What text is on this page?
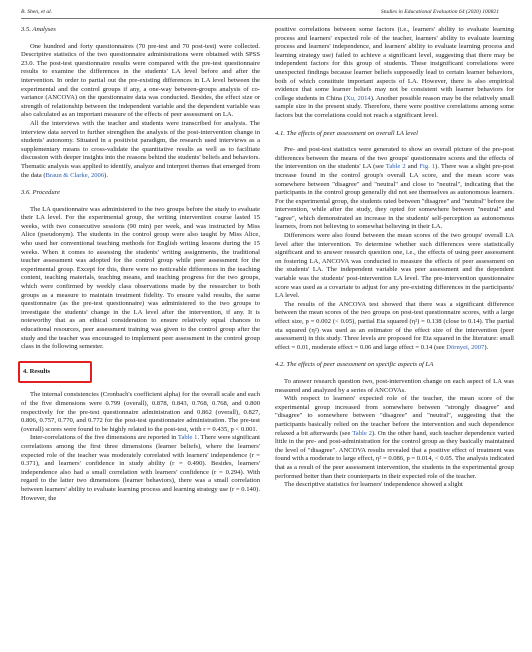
B. Shen, et al.	Studies in Educational Evaluation 64 (2020) 100821
3.5. Analyses

One hundred and forty questionnaires (70 pre-test and 70 post-test) were collected. Descriptive statistics of the two questionnaire administrations were obtained with SPSS 23.0. The post-test questionnaire results were compared with the pre-test questionnaire results to examine the differences in the students' LA level before and after the intervention. In order to partial out the pre-existing differences in LA level between the experimental and the control groups if any, a one-way between-groups analysis of co-variance (ANCOVA) on the questionnaire data was conducted. Besides, the effect size or strength of relationship between the independent variable and the dependent variable was also calculated as an important measure of the effects of peer assessment on LA.

All the interviews with the teacher and students were transcribed for analysis. The interview data served to further strengthen the analysis of the post-intervention change in students' autonomy. Situated in a positivist paradigm, the research used interviews as a supplementary means to cross-validate the quantitative results as well as to facilitate discussion with deeper insights into the reasons behind the students' beliefs and behaviors. Thematic analysis was applied to identify, analyze and interpret themes that emerged from the data (Braun & Clarke, 2006).

3.6. Procedure

The LA questionnaire was administered to the two groups before the study to evaluate their LA level. For the experimental group, the writing intervention course lasted 15 weeks, with two consecutive sessions (90 min) per week, and was instructed by Miss Alice (pseudonym). The students in the control group were also taught by Miss Alice, who used her conventional teaching methods for English writing lessons during the 15 weeks. When it comes to assessing the students' writing assignments, the traditional teacher assessment was adopted for the control group while peer assessment for the experimental group. Except for this, there were no noticeable differences in the teaching content, teaching materials, teaching means, and teaching progress for the two groups, which were confirmed by weekly class observations made by the researcher to both groups as a measure to maintain treatment fidelity. To ensure valid results, the same questionnaire (as the pre-test questionnaire) was administered to the two groups to investigate the students' change in the LA level after the intervention, if any. It is noteworthy that as an ethical consideration to ensure relatively equal chances to educational resources, peer assessment training was given to the control group after the study and the teacher was encouraged to implement peer assessment in the control group class in the following semester.

4. Results

The internal consistencies (Cronbach's coefficient alpha) for the overall scale and each of the five dimensions were 0.799 (overall), 0.878, 0.843, 0.768, 0.768, and 0.800 respectively for the pre-test questionnaire administration and 0.862 (overall), 0.827, 0.806, 0.757, 0.770, and 0.772 for the post-test questionnaire administration. The pre-test (overall) scores were found to be highly related to the post-test, with r = 0.435, p < 0.001.

Inter-correlations of the five dimensions are reported in Table 1. There were significant correlations among the first three dimensions (learner beliefs), where the learners' expected role of the teacher was moderately correlated with learners' independence (r = 0.371), and learners' confidence in study ability (r = 0.490). Besides, learners' independence also had a small correlation with learners' confidence (r = 0.294). With regard to the latter two dimensions (learner behaviors), there was a small correlation between learners' ability to evaluate learning process and learning strategy use (r = 0.140). However, the

positive correlations between some factors (i.e., learners' ability to evaluate learning process and learners' expected role of the teacher, learners' ability to evaluate learning process and learners' independence, and learners' ability to evaluate learning process and learning strategy use) failed to achieve a significant level, suggesting that there may be independent factors for this group of students. These insignificant correlations were unexpected findings because learner beliefs supposedly lead to certain learner behaviors, both of which constitute important aspects of LA. However, there is also empirical evidence that some learner beliefs may not be consistent with learner behaviors for college students in China (Xu, 2014). Another possible reason may be the relatively small sample size in the present study. Therefore, there were positive correlations among some factors but the correlations could not reach a significant level.

4.1. The effects of peer assessment on overall LA level

Pre- and post-test statistics were generated to show an overall picture of the pre-post differences between the means of the two groups' questionnaire scores and the effects of the intervention on the students' LA (see Table 2 and Fig. 1). There was a slight pre-post increase found in the control group's overall LA score, and the mean score was somewhere between "disagree" and "neutral" and close to "neutral", indicating that the participants in the control group generally did not see themselves as autonomous learners. For the experimental group, the students rated between "disagree" and "neutral" before the intervention, while after the study, they opted for somewhere between "neutral" and "agree", which demonstrated an increase in the students' self-perception as autonomous learners, from not believing to somewhat believing in their LA.

Differences were also found between the mean scores of the two groups' overall LA level after the intervention. To determine whether such differences were statistically significant and to answer research question one, i.e., the effects of using peer assessment on fostering LA, ANCOVA was conducted to measure the effects of peer assessment on the students' LA. The independent variable was peer assessment and the dependent variable was the students' post-intervention LA level. The pre-intervention questionnaire score was used as a covariate to adjust for any pre-existing differences in the participants' LA level.

The results of the ANCOVA test showed that there was a significant difference between the mean scores of the two groups on post-test questionnaire scores, with a large effect size, p = 0.002 (< 0.05), partial Eta squared (η²) = 0.138 (close to 0.14). The partial eta squared (η²) was used as an estimator of the effect size of the intervention (peer assessment) in this study. Three levels are proposed for Eta squared in the literature: small effect = 0.01, moderate effect = 0.06 and large effect = 0.14 (see Dörnyei, 2007).

4.2. The effects of peer assessment on specific aspects of LA

To answer research question two, post-intervention change on each aspect of LA was measured and analyzed by a series of ANCOVAs.

With respect to learners' expected role of the teacher, the mean score of the experimental group increased from somewhere between "strongly disagree" and "disagree" to somewhere between "disagree" and "neutral", suggesting that the participants basically relied on the teacher before the intervention and such dependence relaxed a bit afterwards (see Table 2). On the other hand, such teacher dependence varied little in the pre- and post-administration for the control group as they basically maintained the level of "disagree". ANCOVA results revealed that a positive effect of treatment was found with a moderate to large effect, η² = 0.086, p = 0.014, < 0.05. The analysis indicated that as a result of the peer assessment intervention, the students in the experimental group performed better than their counterparts in their expected role of the teacher.

The descriptive statistics for learners' independence showed a slight
